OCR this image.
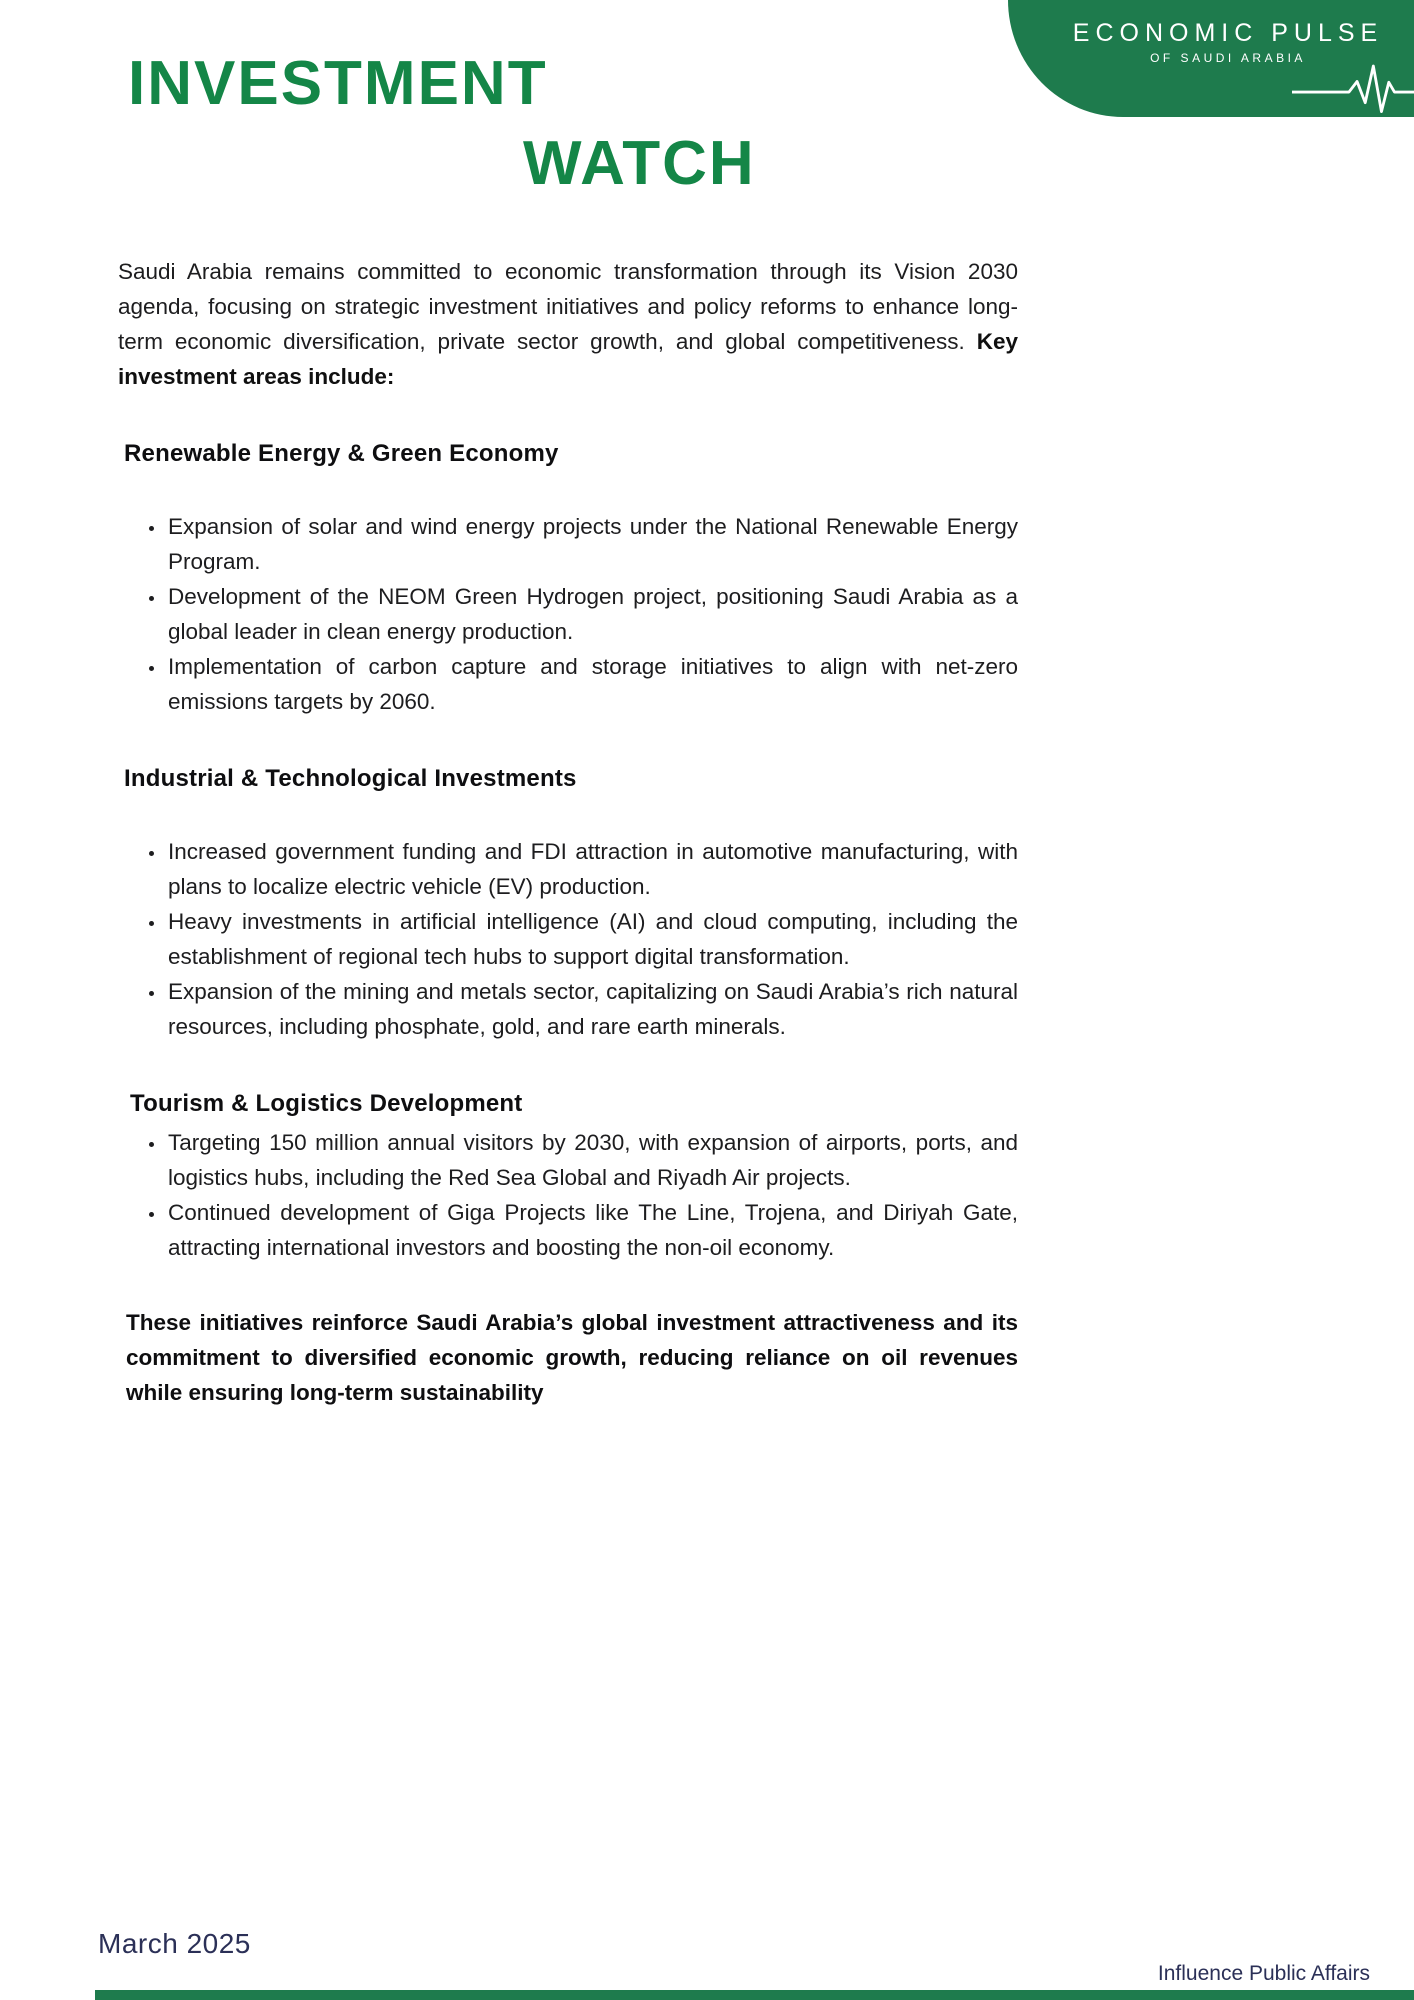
ECONOMIC PULSE
OF SAUDI ARABIA
INVESTMENT
WATCH

Saudi Arabia remains committed to economic transformation through its Vision 2030 agenda, focusing on strategic investment initiatives and policy reforms to enhance long-term economic diversification, private sector growth, and global competitiveness. Key investment areas include:

Renewable Energy & Green Economy
• Expansion of solar and wind energy projects under the National Renewable Energy Program.
• Development of the NEOM Green Hydrogen project, positioning Saudi Arabia as a global leader in clean energy production.
• Implementation of carbon capture and storage initiatives to align with net-zero emissions targets by 2060.
Industrial & Technological Investments
• Increased government funding and FDI attraction in automotive manufacturing, with plans to localize electric vehicle (EV) production.
• Heavy investments in artificial intelligence (AI) and cloud computing, including the establishment of regional tech hubs to support digital transformation.
• Expansion of the mining and metals sector, capitalizing on Saudi Arabia’s rich natural resources, including phosphate, gold, and rare earth minerals.
Tourism & Logistics Development
• Targeting 150 million annual visitors by 2030, with expansion of airports, ports, and logistics hubs, including the Red Sea Global and Riyadh Air projects.
• Continued development of Giga Projects like The Line, Trojena, and Diriyah Gate, attracting international investors and boosting the non-oil economy.

These initiatives reinforce Saudi Arabia’s global investment attractiveness and its commitment to diversified economic growth, reducing reliance on oil revenues while ensuring long-term sustainability

March 2025
Influence Public Affairs
